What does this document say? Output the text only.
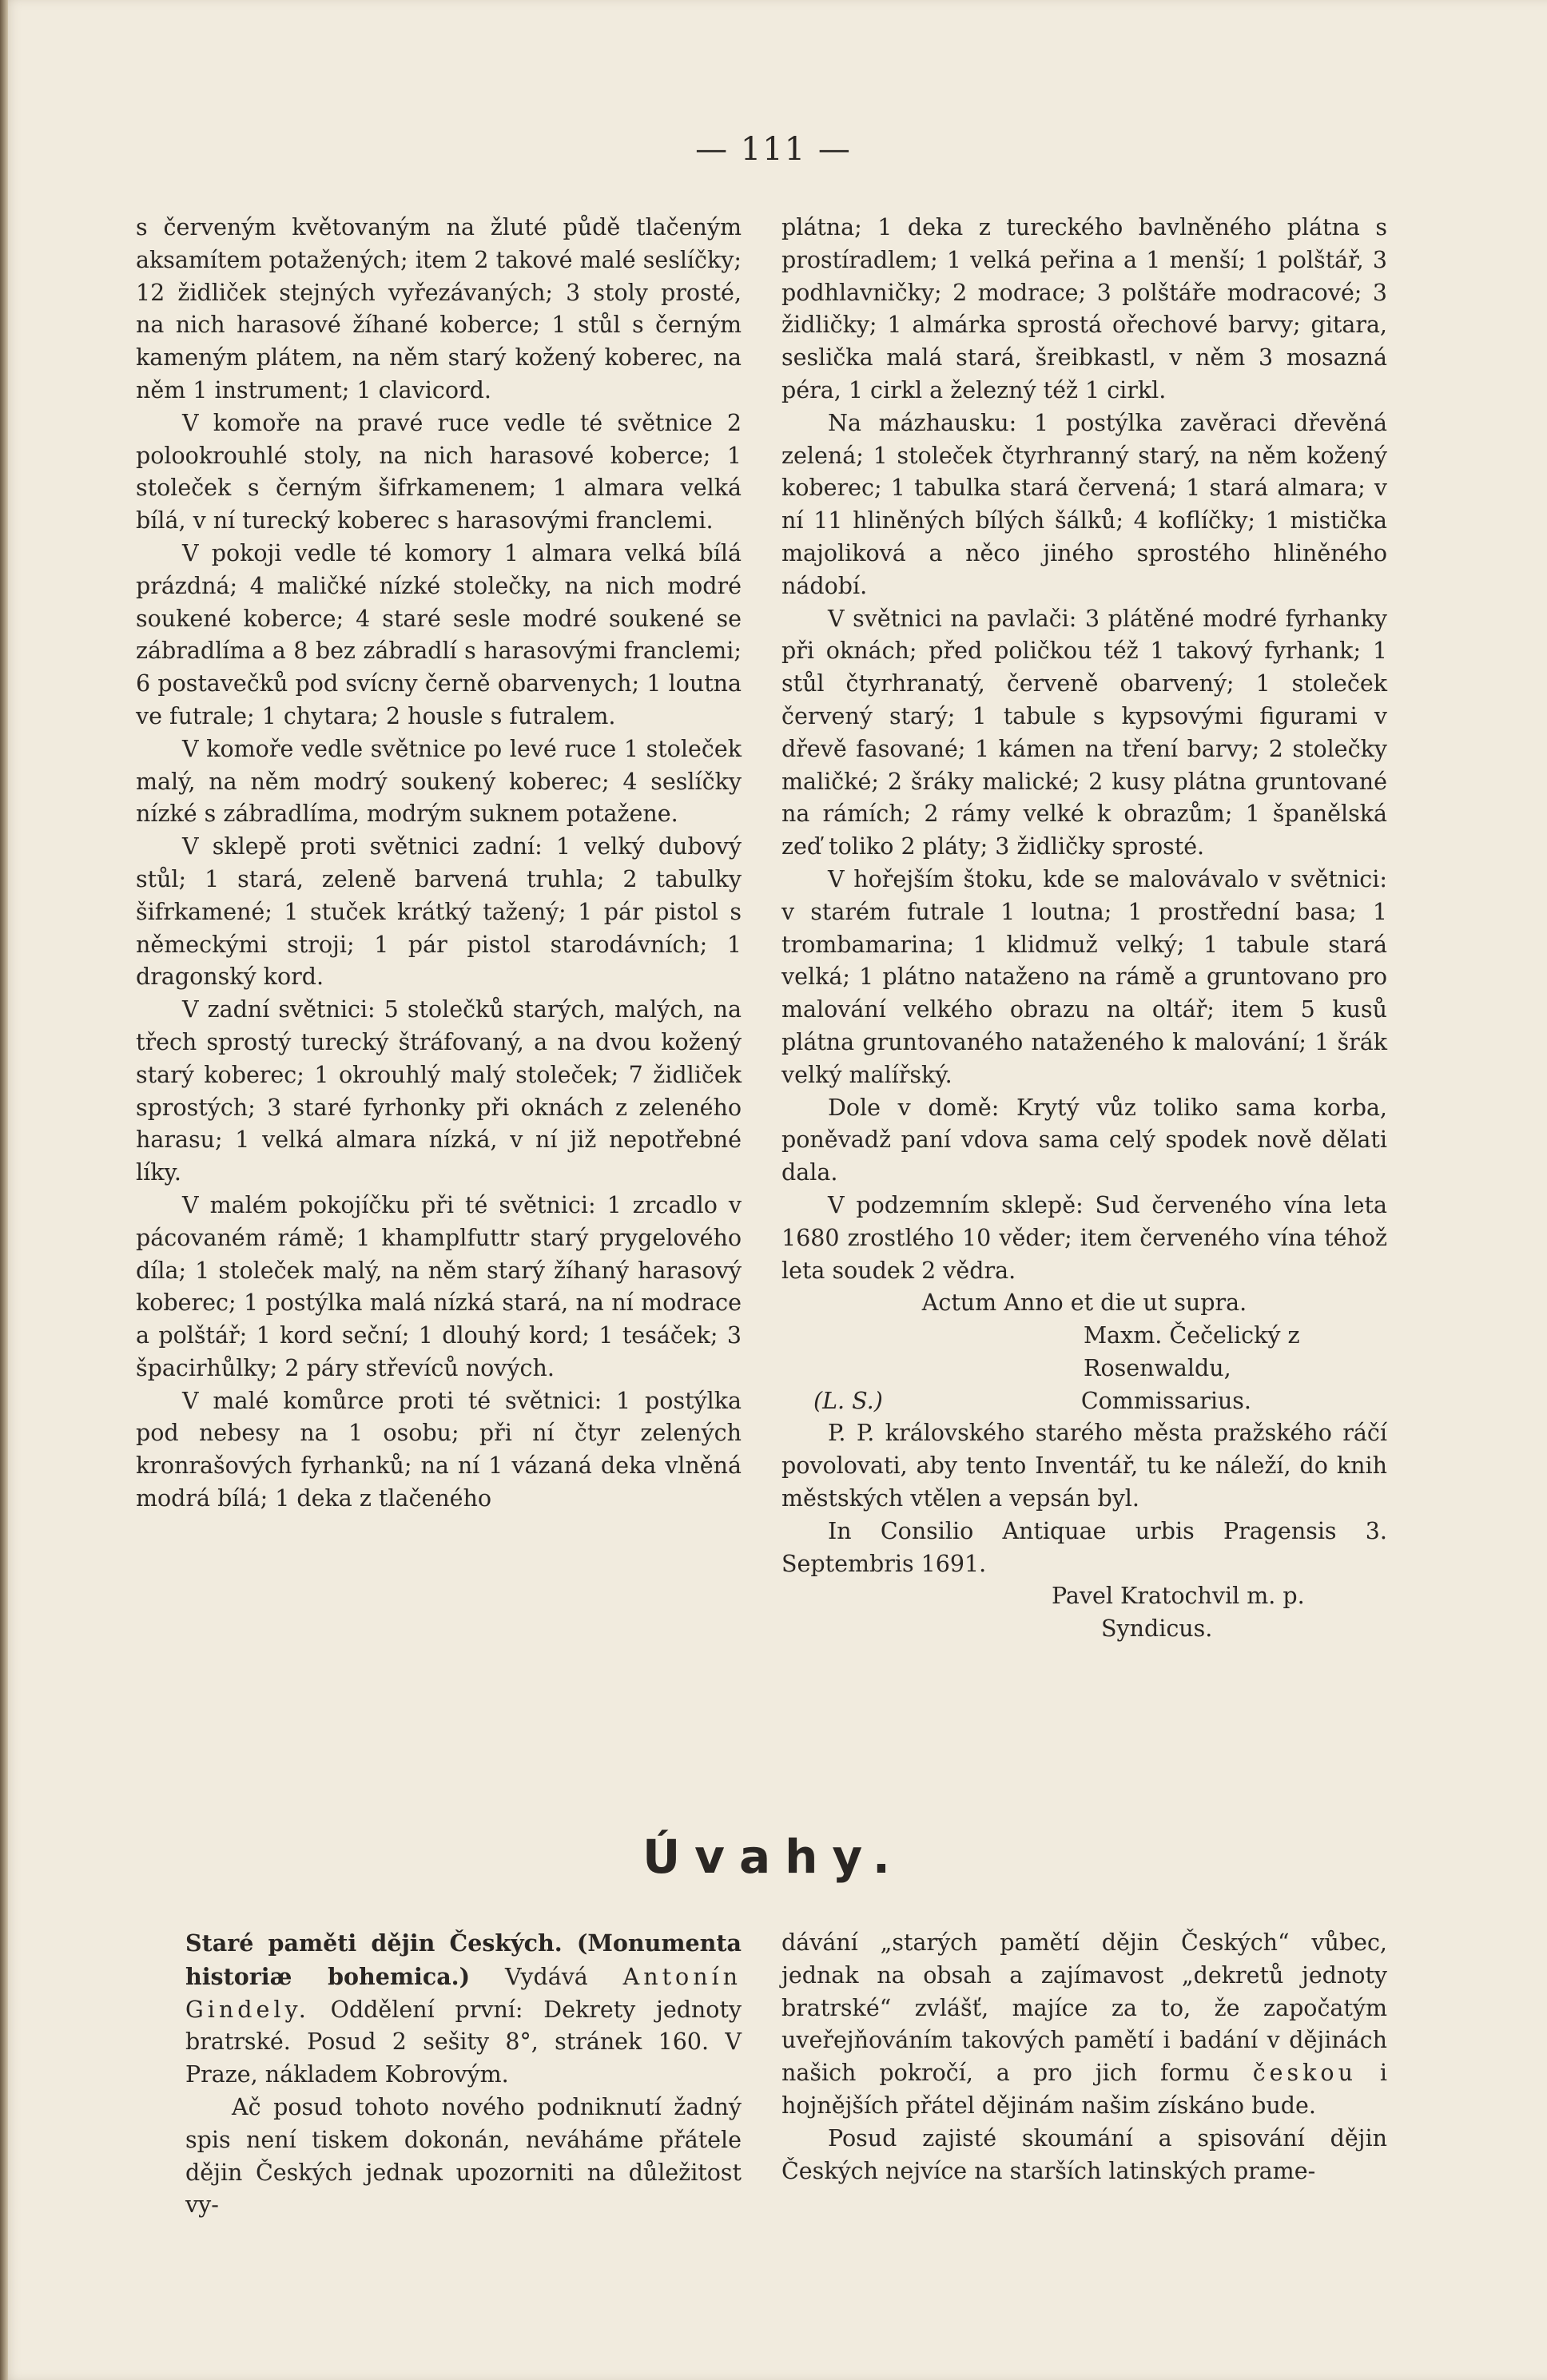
— 111 —

s červeným květovaným na žluté půdě tlačeným aksamítem potažených; item 2 takové malé seslíčky; 12 židliček stejných vyřezávaných; 3 stoly prosté, na nich harasové žíhané koberce; 1 stůl s černým kameným plátem, na něm starý kožený koberec, na něm 1 instrument; 1 clavicord.

V komoře na pravé ruce vedle té světnice 2 polookrouhlé stoly, na nich harasové koberce; 1 stoleček s černým šifrkamenem; 1 almara velká bílá, v ní turecký koberec s harasovými franclemi.

V pokoji vedle té komory 1 almara velká bílá prázdná; 4 maličké nízké stolečky, na nich modré soukené koberce; 4 staré sesle modré soukené se zábradlíma a 8 bez zábradlí s harasovými franclemi; 6 postavečků pod svícny černě obarvenych; 1 loutna ve futrale; 1 chytara; 2 housle s futralem.

V komoře vedle světnice po levé ruce 1 stoleček malý, na něm modrý soukený koberec; 4 seslíčky nízké s zábradlíma, modrým suknem potažene.

V sklepě proti světnici zadní: 1 velký dubový stůl; 1 stará, zeleně barvená truhla; 2 tabulky šifrkamené; 1 stuček krátký tažený; 1 pár pistol s německými stroji; 1 pár pistol starodávních; 1 dragonský kord.

V zadní světnici: 5 stolečků starých, malých, na třech sprostý turecký štráfovaný, a na dvou kožený starý koberec; 1 okrouhlý malý stoleček; 7 židliček sprostých; 3 staré fyrhonky při oknách z zeleného harasu; 1 velká almara nízká, v ní již nepotřebné líky.

V malém pokojíčku při té světnici: 1 zrcadlo v pácovaném rámě; 1 khamplfuttr starý prygelového díla; 1 stoleček malý, na něm starý žíhaný harasový koberec; 1 postýlka malá nízká stará, na ní modrace a polštář; 1 kord seční; 1 dlouhý kord; 1 tesáček; 3 špacirhůlky; 2 páry střevíců nových.

V malé komůrce proti té světnici: 1 postýlka pod nebesy na 1 osobu; při ní čtyr zelených kronrašových fyrhanků; na ní 1 vázaná deka vlněná modrá bílá; 1 deka z tlačeného

plátna; 1 deka z tureckého bavlněného plátna s prostíradlem; 1 velká peřina a 1 menší; 1 polštář, 3 podhlavničky; 2 modrace; 3 polštáře modracové; 3 židličky; 1 almárka sprostá ořechové barvy; gitara, seslička malá stará, šreibkastl, v něm 3 mosazná péra, 1 cirkl a železný též 1 cirkl.

Na mázhausku: 1 postýlka zavěraci dřevěná zelená; 1 stoleček čtyrhranný starý, na něm kožený koberec; 1 tabulka stará červená; 1 stará almara; v ní 11 hliněných bílých šálků; 4 koflíčky; 1 mistička majoliková a něco jiného sprostého hliněného nádobí.

V světnici na pavlači: 3 plátěné modré fyrhanky při oknách; před poličkou též 1 takový fyrhank; 1 stůl čtyrhranatý, červeně obarvený; 1 stoleček červený starý; 1 tabule s kypsovými figurami v dřevě fasované; 1 kámen na tření barvy; 2 stolečky maličké; 2 šráky malické; 2 kusy plátna gruntované na rámích; 2 rámy velké k obrazům; 1 španělská zeď toliko 2 pláty; 3 židličky sprosté.

V hořejším štoku, kde se malovávalo v světnici: v starém futrale 1 loutna; 1 prostřední basa; 1 trombamarina; 1 klidmuž velký; 1 tabule stará velká; 1 plátno nataženo na rámě a gruntovano pro malování velkého obrazu na oltář; item 5 kusů plátna gruntovaného nataženého k malování; 1 šrák velký malířský.

Dole v domě: Krytý vůz toliko sama korba, poněvadž paní vdova sama celý spodek nově dělati dala.

V podzemním sklepě: Sud červeného vína leta 1680 zrostlého 10 věder; item červeného vína téhož leta soudek 2 vědra.

Actum Anno et die ut supra.

Maxm. Čečelický z Rosenwaldu,

(L. S.)	Commissarius.

P. P. královského starého města pražského ráčí povolovati, aby tento Inventář, tu ke náleží, do knih městských vtělen a vepsán byl.

In Consilio Antiquae urbis Pragensis 3. Septembris 1691.

Pavel Kratochvil m. p.

Syndicus.

Úvahy.

Staré paměti dějin Českých. (Monumenta historiæ bohemica.) Vydává Antonín Gindely. Oddělení první: Dekrety jednoty bratrské. Posud 2 sešity 8°, stránek 160. V Praze, nákladem Kobrovým.

Ač posud tohoto nového podniknutí žadný spis není tiskem dokonán, neváháme přátele dějin Českých jednak upozorniti na důležitost vy-

dávání „starých pamětí dějin Českých“ vůbec, jednak na obsah a zajímavost „dekretů jednoty bratrské“ zvlášť, majíce za to, že započatým uveřejňováním takových pamětí i badání v dějinách našich pokročí, a pro jich formu českou i hojnějších přátel dějinám našim získáno bude.

Posud zajisté skoumání a spisování dějin Českých nejvíce na starších latinských prame-
